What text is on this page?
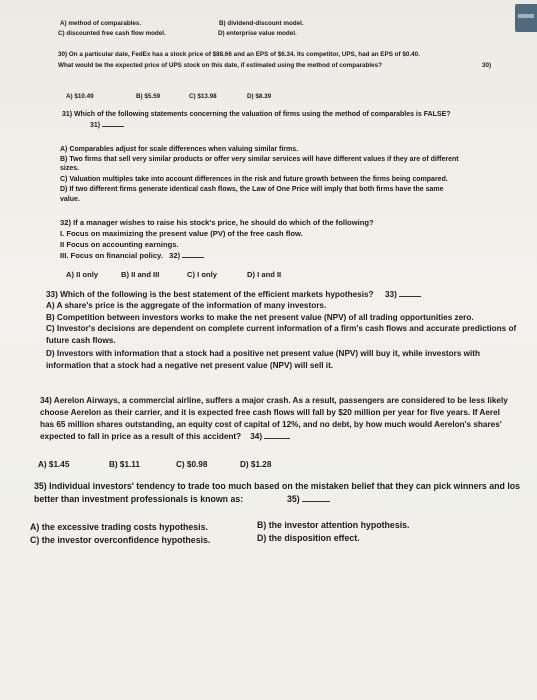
A) method of comparables.	B) dividend-discount model.
C) discounted free cash flow model.	D) enterprise value model.
30) On a particular date, FedEx has a stock price of $88.66 and an EPS of $6.34. Its competitor, UPS, had an EPS of $0.40.
What would be the expected price of UPS stock on this date, if estimated using the method of comparables?	30)
A) $10.49	B) $5.59	C) $13.98	D) $8.39
31) Which of the following statements concerning the valuation of firms using the method of comparables is FALSE?
31)
A) Comparables adjust for scale differences when valuing similar firms.
B) Two firms that sell very similar products or offer very similar services will have different values if they are of different
sizes.
C) Valuation multiples take into account differences in the risk and future growth between the firms being compared.
D) If two different firms generate identical cash flows, the Law of One Price will imply that both firms have the same
value.
32) If a manager wishes to raise his stock's price, he should do which of the following?
I. Focus on maximizing the present value (PV) of the free cash flow.
II Focus on accounting earnings.
III. Focus on financial policy. 32)
A) II only	B) II and III	C) I only	D) I and II
33) Which of the following is the best statement of the efficient markets hypothesis? 33)
A) A share's price is the aggregate of the information of many investors.
B) Competition between investors works to make the net present value (NPV) of all trading opportunities zero.
C) Investor's decisions are dependent on complete current information of a firm's cash flows and accurate predictions of
future cash flows.
D) Investors with information that a stock had a positive net present value (NPV) will buy it, while investors with
information that a stock had a negative net present value (NPV) will sell it.
34) Aerelon Airways, a commercial airline, suffers a major crash. As a result, passengers are considered to be less likely
choose Aerelon as their carrier, and it is expected free cash flows will fall by $20 million per year for five years. If Aerel
has 65 million shares outstanding, an equity cost of capital of 12%, and no debt, by how much would Aerelon's shares'
expected to fall in price as a result of this accident? 34)
A) $1.45	B) $1.11	C) $0.98	D) $1.28
35) Individual investors' tendency to trade too much based on the mistaken belief that they can pick winners and los
better than investment professionals is known as:	35)
A) the excessive trading costs hypothesis.	B) the investor attention hypothesis.
C) the investor overconfidence hypothesis.	D) the disposition effect.
